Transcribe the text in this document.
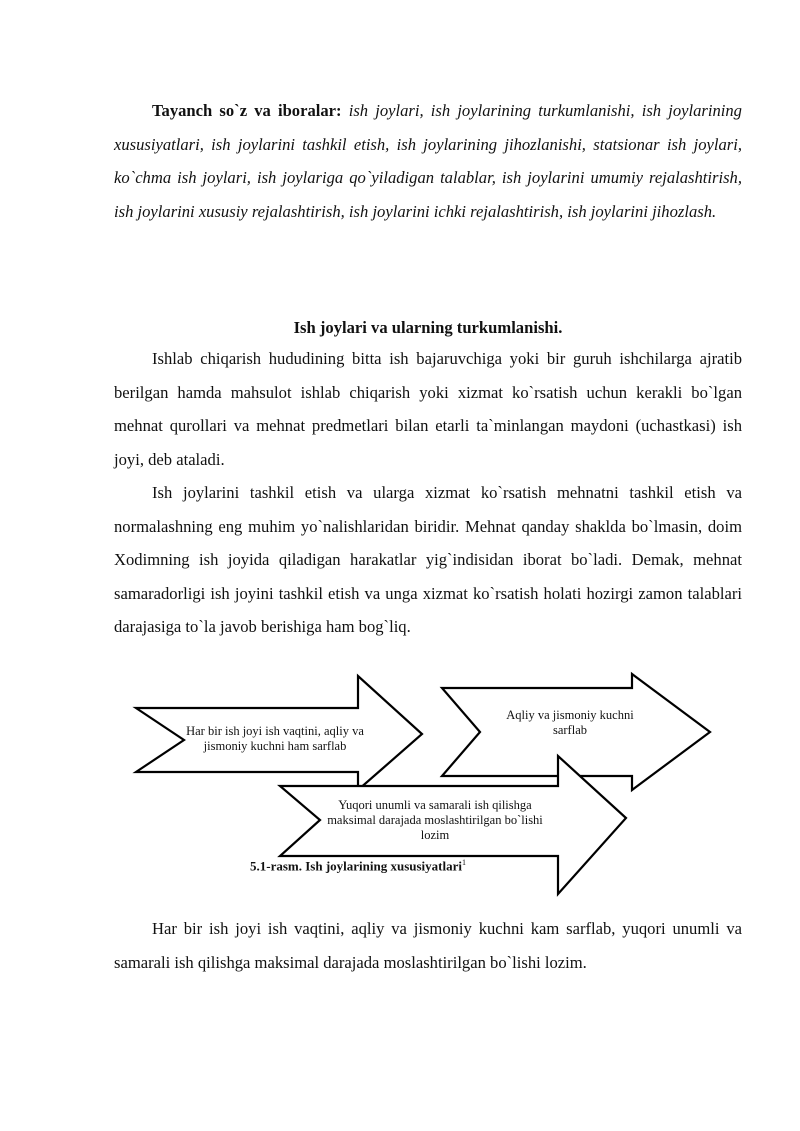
Tayanch so`z va iboralar: ish joylari, ish joylarining turkumlanishi, ish joylarining xususiyatlari, ish joylarini tashkil etish, ish joylarining jihozlanishi, statsionar ish joylari, ko`chma ish joylari, ish joylariga qo`yiladigan talablar, ish joylarini umumiy rejalashtirish, ish joylarini xususiy rejalashtirish, ish joylarini ichki rejalashtirish, ish joylarini jihozlash.

Ish joylari va ularning turkumlanishi.

Ishlab chiqarish hududining bitta ish bajaruvchiga yoki bir guruh ishchilarga ajratib berilgan hamda mahsulot ishlab chiqarish yoki xizmat ko`rsatish uchun kerakli bo`lgan mehnat qurollari va mehnat predmetlari bilan etarli ta`minlangan maydoni (uchastkasi) ish joyi, deb ataladi.

Ish joylarini tashkil etish va ularga xizmat ko`rsatish mehnatni tashkil etish va normalashning eng muhim yo`nalishlaridan biridir. Mehnat qanday shaklda bo`lmasin, doim Xodimning ish joyida qiladigan harakatlar yig`indisidan iborat bo`ladi. Demak, mehnat samaradorligi ish joyini tashkil etish va unga xizmat ko`rsatish holati hozirgi zamon talablari darajasiga to`la javob berishiga ham bog`liq.

Har bir ish joyi ish vaqtini, aqliy va jismoniy kuchni ham sarflab
Aqliy va jismoniy kuchni sarflab
Yuqori unumli va samarali ish qilishga maksimal darajada moslashtirilgan bo`lishi lozim
5.1-rasm. Ish joylarining xususiyatlari$^1$

Har bir ish joyi ish vaqtini, aqliy va jismoniy kuchni kam sarflab, yuqori unumli va samarali ish qilishga maksimal darajada moslashtirilgan bo`lishi lozim.
